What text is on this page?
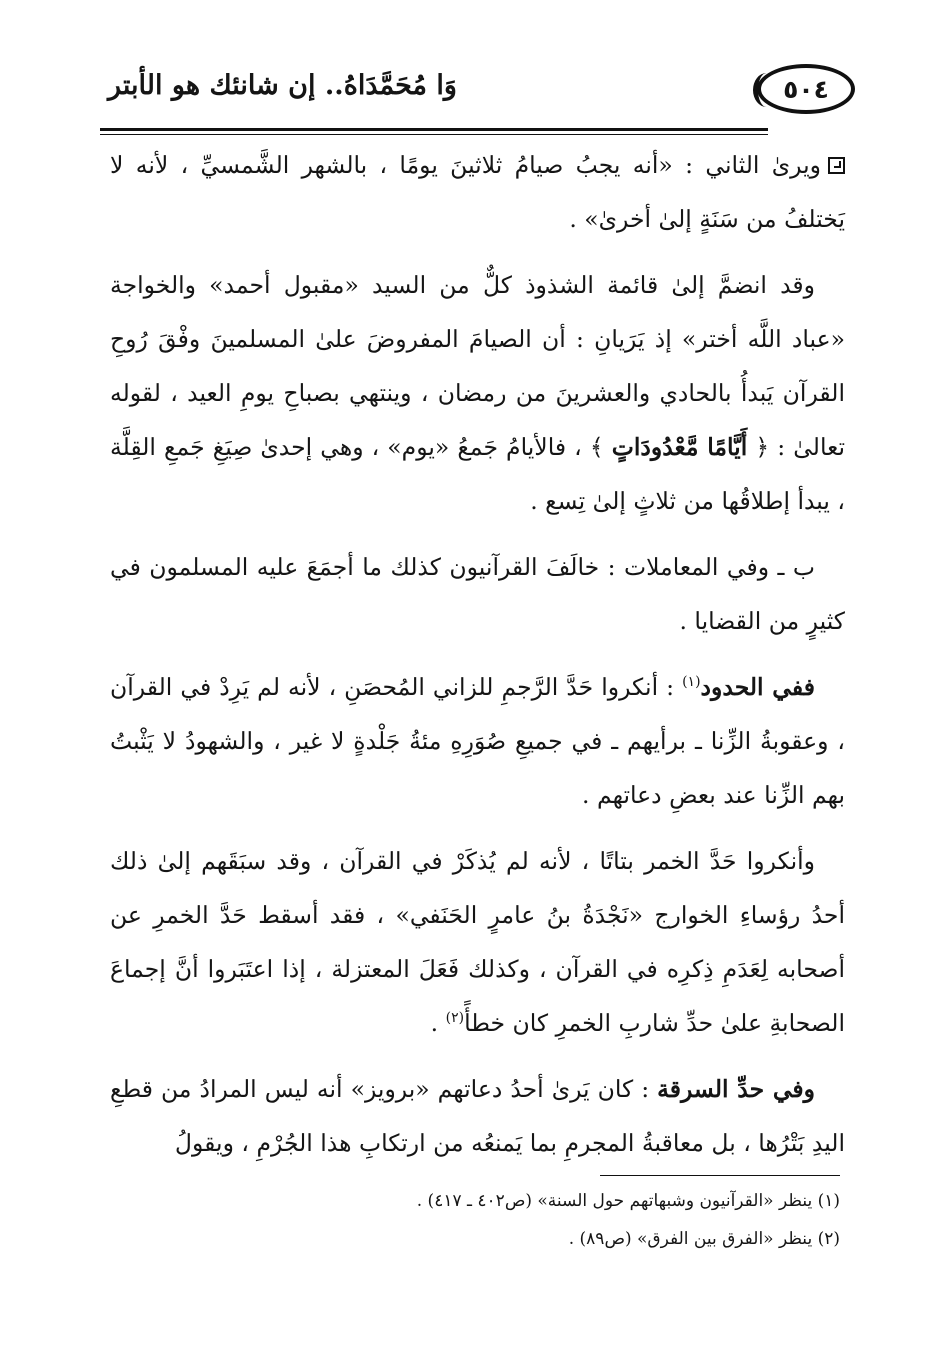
وَا مُحَمَّدَاهُ.. إن شانئك هو الأبتر	٥٠٤

ويرىٰ الثاني : «أنه يجبُ صيامُ ثلاثينَ يومًا ، بالشهر الشَّمسيِّ ، لأنه لا يَختلفُ من سَنَةٍ إلىٰ أخرىٰ» .

وقد انضمَّ إلىٰ قائمة الشذوذ كلٌّ من السيد «مقبول أحمد» والخواجة «عباد اللَّه أختر» إذ يَرَيانِ : أن الصيامَ المفروضَ علىٰ المسلمينَ وفْقَ رُوحِ القرآن يَبدأُ بالحادي والعشرينَ من رمضان ، وينتهي بصباحِ يومِ العيد ، لقوله تعالىٰ : ﴿ أَيَّامًا مَّعْدُودَاتٍ ﴾ ، فالأيامُ جَمعُ «يوم» ، وهي إحدىٰ صِيَغِ جَمعِ القِلَّة ، يبدأ إطلاقُها من ثلاثٍ إلىٰ تِسع .

ب ـ وفي المعاملات : خالَفَ القرآنيون كذلك ما أجمَعَ عليه المسلمون في كثيرٍ من القضايا .

ففي الحدود$^{(١)}$ : أنكروا حَدَّ الرَّجمِ للزاني المُحصَنِ ، لأنه لم يَرِدْ في القرآن ، وعقوبةُ الزِّنا ـ برأيهم ـ في جميعِ صُوَرِهِ مئةُ جَلْدةٍ لا غير ، والشهودُ لا يَثْبتُ بهم الزِّنا عند بعضِ دعاتهم .

وأنكروا حَدَّ الخمر بتاتًا ، لأنه لم يُذكَرْ في القرآن ، وقد سبَقَهم إلىٰ ذلك أحدُ رؤساءِ الخوارج «نَجْدَةُ بنُ عامرٍ الحَنَفي» ، فقد أسقط حَدَّ الخمرِ عن أصحابه لِعَدَمِ ذِكرِه في القرآن ، وكذلك فَعَلَ المعتزلة ، إذا اعتَبَروا أنَّ إجماعَ الصحابةِ علىٰ حدِّ شاربِ الخمرِ كان خطأً$^{(٢)}$ .

وفي حدِّ السرقة : كان يَرىٰ أحدُ دعاتهم «برويز» أنه ليس المرادُ من قطعِ اليدِ بَتْرُها ، بل معاقبةُ المجرمِ بما يَمنعُه من ارتكابِ هذا الجُرْمِ ، ويقولُ

(١) ينظر «القرآنيون وشبهاتهم حول السنة» (ص٤٠٢ ـ ٤١٧) .
(٢) ينظر «الفرق بين الفرق» (ص٨٩) .
